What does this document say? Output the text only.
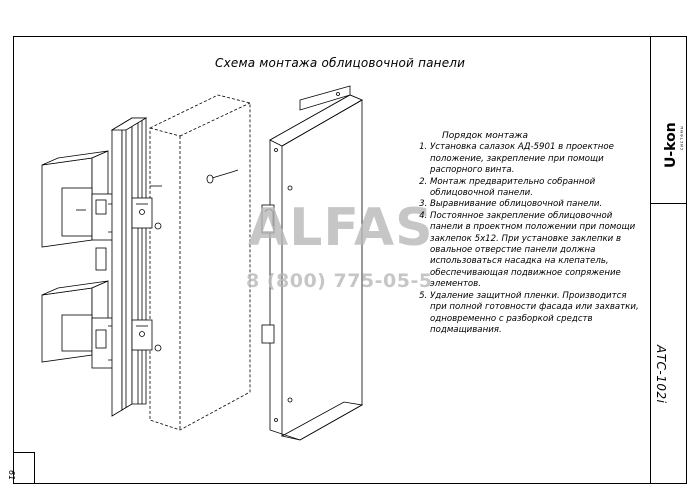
Схема монтажа облицовочной панели
ALFAS
8 (800) 775-05-5
Порядок монтажа
1. Установка салазок АД-5901 в проектное положение, закрепление при помощи распорного винта.
2. Монтаж предварительно собранной облицовочной панели.
3. Выравнивание облицовочной панели.
4. Постоянное закрепление облицовочной панели в проектном положении при помощи заклепок 5х12. При установке заклепки в овальное отверстие панели должна использоваться насадка на клепатель, обеспечивающая подвижное сопряжение элементов.
5. Удаление защитной пленки. Производится при полной готовности фасада или захватки, одновременно с разборкой средств подмащивания.
U-kon системы
АТС-102i
61
